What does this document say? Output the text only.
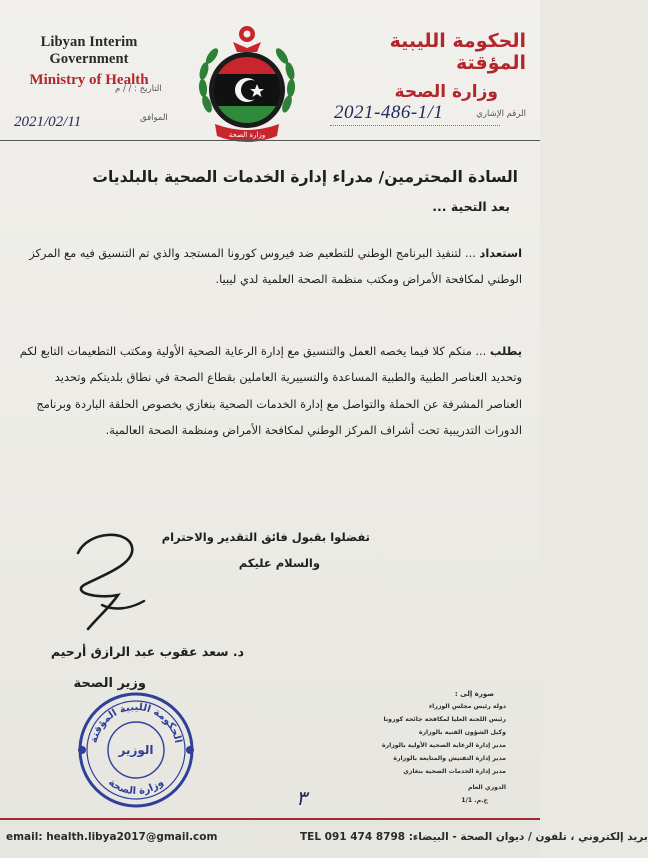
Libyan Interim Government
Ministry of Health
التاريخ : / / م
الموافق
2021/02/11
وزارة الصحة
الحكومة الليبية المؤقتة
وزارة الصحة
الرقم الإشاري
2021-486-1/1
السادة المحترمين/ مدراء إدارة الخدمات الصحية بالبلديات
بعد التحية ...
استعداد ... لتنفيذ البرنامج الوطني للتطعيم ضد فيروس كورونا المستجد والذي تم التنسيق فيه مع المركز الوطني لمكافحة الأمراض ومكتب منظمة الصحة العلمية لدي ليبيا.
يطلب ... منكم كلا فيما يخصه العمل والتنسيق مع إدارة الرعاية الصحية الأولية ومكتب التطعيمات التابع لكم وتحديد العناصر الطبية والطبية المساعدة والتسييرية العاملين بقطاع الصحة في نطاق بلديتكم وتحديد العناصر المشرفة عن الحملة والتواصل مع إدارة الخدمات الصحية بنغازي بخصوص الحلقة الباردة وبرنامج الدورات التدريبية تحت أشراف المركز الوطني لمكافحة الأمراض ومنظمة الصحة العالمية.
تفضلوا بقبول فائق التقدير والاحترام
والسلام عليكم
د. سعد عقوب عبد الرازق أرحيم
وزير الصحة
الحكومة الليبية المؤقتة
وزارة الصحة
الوزير
صورة إلى :
دولة رئيس مجلس الوزراء
رئيس اللجنة العليا لمكافحة جائحة كورونا
وكيل الشؤون الفنية بالوزارة
مدير إدارة الرعاية الصحية الأولية بالوزارة
مدير إدارة التفتيش والمتابعة بالوزارة
مدير إدارة الخدمات الصحية بنغازي
الدوري العام
ح.م. 1/1
٣
email: health.libya2017@gmail.com	TEL 091 474 8798 :بريد إلكتروني ، تلفون / ديوان الصحة - البيضاء
